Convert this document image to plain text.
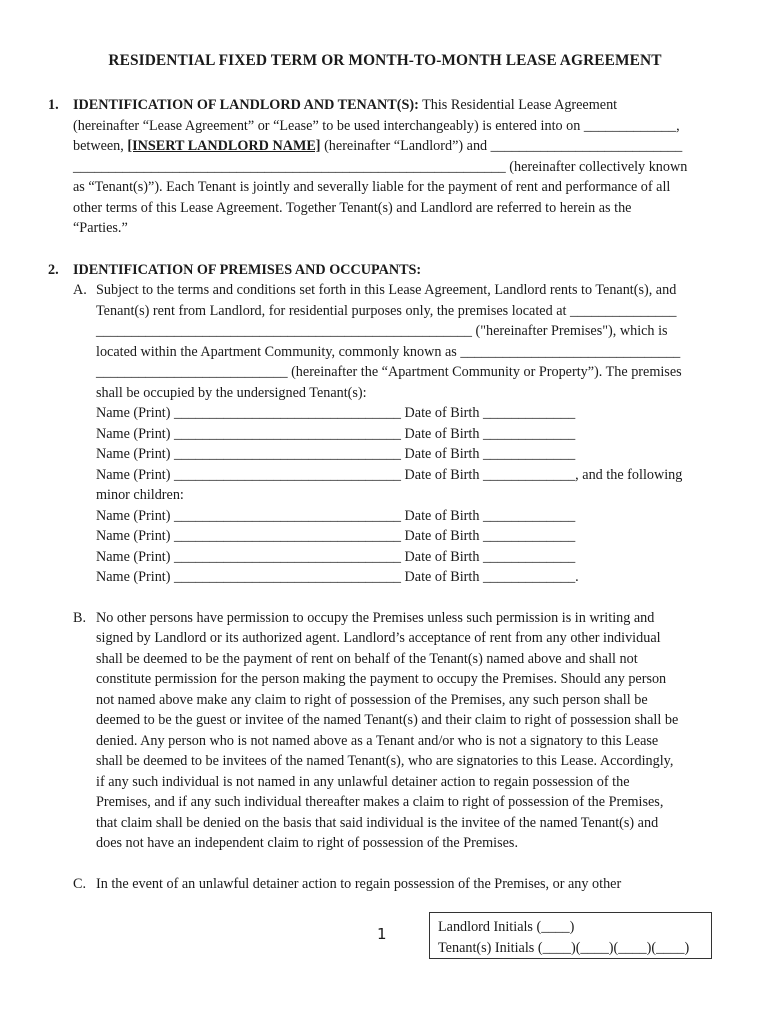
RESIDENTIAL FIXED TERM OR MONTH-TO-MONTH LEASE AGREEMENT
1. IDENTIFICATION OF LANDLORD AND TENANT(S): This Residential Lease Agreement
(hereinafter “Lease Agreement” or “Lease” to be used interchangeably) is entered into on _____________,
between, [INSERT LANDLORD NAME] (hereinafter “Landlord”) and ___________________________
_____________________________________________________________ (hereinafter collectively known
as “Tenant(s)”). Each Tenant is jointly and severally liable for the payment of rent and performance of all
other terms of this Lease Agreement. Together Tenant(s) and Landlord are referred to herein as the
“Parties.”
2. IDENTIFICATION OF PREMISES AND OCCUPANTS:
A. Subject to the terms and conditions set forth in this Lease Agreement, Landlord rents to Tenant(s), and
Tenant(s) rent from Landlord, for residential purposes only, the premises located at _______________
_____________________________________________________ ("hereinafter Premises"), which is
located within the Apartment Community, commonly known as _______________________________
___________________________ (hereinafter the “Apartment Community or Property”). The premises
shall be occupied by the undersigned Tenant(s):
Name (Print) ________________________________ Date of Birth _____________
Name (Print) ________________________________ Date of Birth _____________
Name (Print) ________________________________ Date of Birth _____________
Name (Print) ________________________________ Date of Birth _____________, and the following
minor children:
Name (Print) ________________________________ Date of Birth _____________
Name (Print) ________________________________ Date of Birth _____________
Name (Print) ________________________________ Date of Birth _____________
Name (Print) ________________________________ Date of Birth _____________.
B. No other persons have permission to occupy the Premises unless such permission is in writing and
signed by Landlord or its authorized agent. Landlord’s acceptance of rent from any other individual
shall be deemed to be the payment of rent on behalf of the Tenant(s) named above and shall not
constitute permission for the person making the payment to occupy the Premises. Should any person
not named above make any claim to right of possession of the Premises, any such person shall be
deemed to be the guest or invitee of the named Tenant(s) and their claim to right of possession shall be
denied. Any person who is not named above as a Tenant and/or who is not a signatory to this Lease
shall be deemed to be invitees of the named Tenant(s), who are signatories to this Lease. Accordingly,
if any such individual is not named in any unlawful detainer action to regain possession of the
Premises, and if any such individual thereafter makes a claim to right of possession of the Premises,
that claim shall be denied on the basis that said individual is the invitee of the named Tenant(s) and
does not have an independent claim to right of possession of the Premises.
C. In the event of an unlawful detainer action to regain possession of the Premises, or any other
1	Landlord Initials (____)
Tenant(s) Initials (____)(____)(____)(____)
